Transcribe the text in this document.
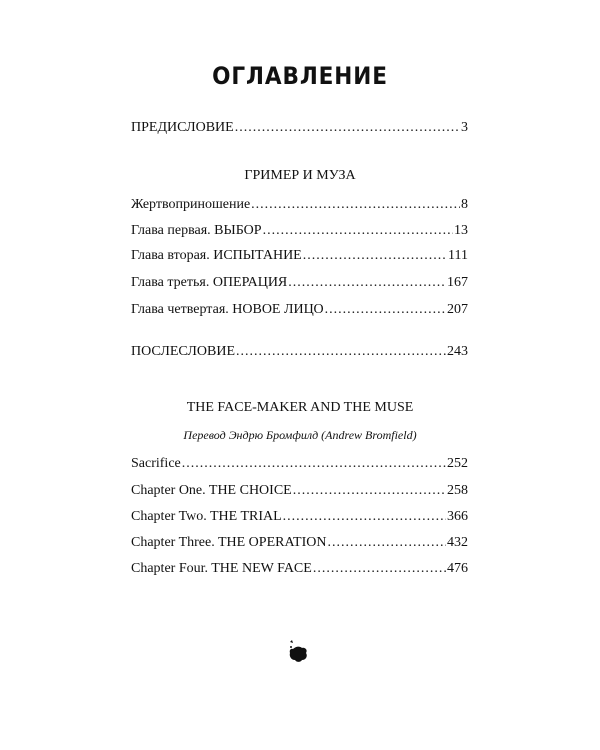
ОГЛАВЛЕНИЕ
ПРЕДИСЛОВИЕ .....	3
ГРИМЕР И МУЗА
Жертвоприношение .....	8
Глава первая. ВЫБОР .....	13
Глава вторая. ИСПЫТАНИЕ .....	111
Глава третья. ОПЕРАЦИЯ .....	167
Глава четвертая. НОВОЕ ЛИЦО .....	207
ПОСЛЕСЛОВИЕ .....	243
THE FACE-MAKER AND THE MUSE
Перевод Эндрю Бромфилд (Andrew Bromfield)
Sacrifice .....	252
Chapter One. THE CHOICE .....	258
Chapter Two. THE TRIAL .....	366
Chapter Three. THE OPERATION .....	432
Chapter Four. THE NEW FACE .....	476
